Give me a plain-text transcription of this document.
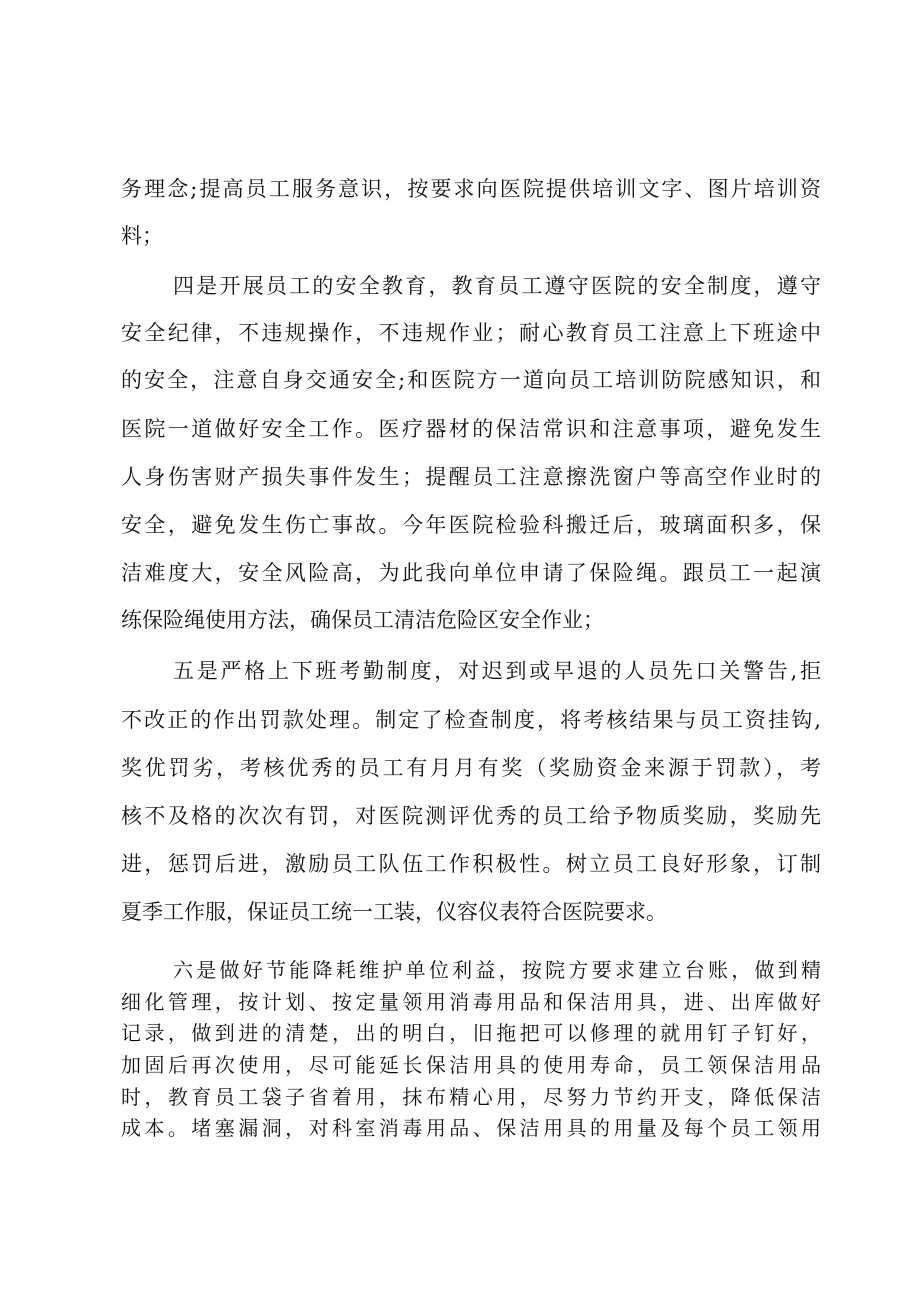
务理念;提高员工服务意识，按要求向医院提供培训文字、图片培训资
料；
四是开展员工的安全教育，教育员工遵守医院的安全制度，遵守
安全纪律，不违规操作，不违规作业；耐心教育员工注意上下班途中
的安全，注意自身交通安全;和医院方一道向员工培训防院感知识，和
医院一道做好安全工作。医疗器材的保洁常识和注意事项，避免发生
人身伤害财产损失事件发生；提醒员工注意擦洗窗户等高空作业时的
安全，避免发生伤亡事故。今年医院检验科搬迁后，玻璃面积多，保
洁难度大，安全风险高，为此我向单位申请了保险绳。跟员工一起演
练保险绳使用方法，确保员工清洁危险区安全作业；
五是严格上下班考勤制度，对迟到或早退的人员先口关警告,拒
不改正的作出罚款处理。制定了检查制度，将考核结果与员工资挂钩,
奖优罚劣，考核优秀的员工有月月有奖（奖励资金来源于罚款），考
核不及格的次次有罚，对医院测评优秀的员工给予物质奖励，奖励先
进，惩罚后进，激励员工队伍工作积极性。树立员工良好形象，订制
夏季工作服，保证员工统一工装，仪容仪表符合医院要求。
六是做好节能降耗维护单位利益，按院方要求建立台账，做到精
细化管理，按计划、按定量领用消毒用品和保洁用具，进、出库做好
记录，做到进的清楚，出的明白，旧拖把可以修理的就用钉子钉好，
加固后再次使用，尽可能延长保洁用具的使用寿命，员工领保洁用品
时，教育员工袋子省着用，抹布精心用，尽努力节约开支，降低保洁
成本。堵塞漏洞，对科室消毒用品、保洁用具的用量及每个员工领用
